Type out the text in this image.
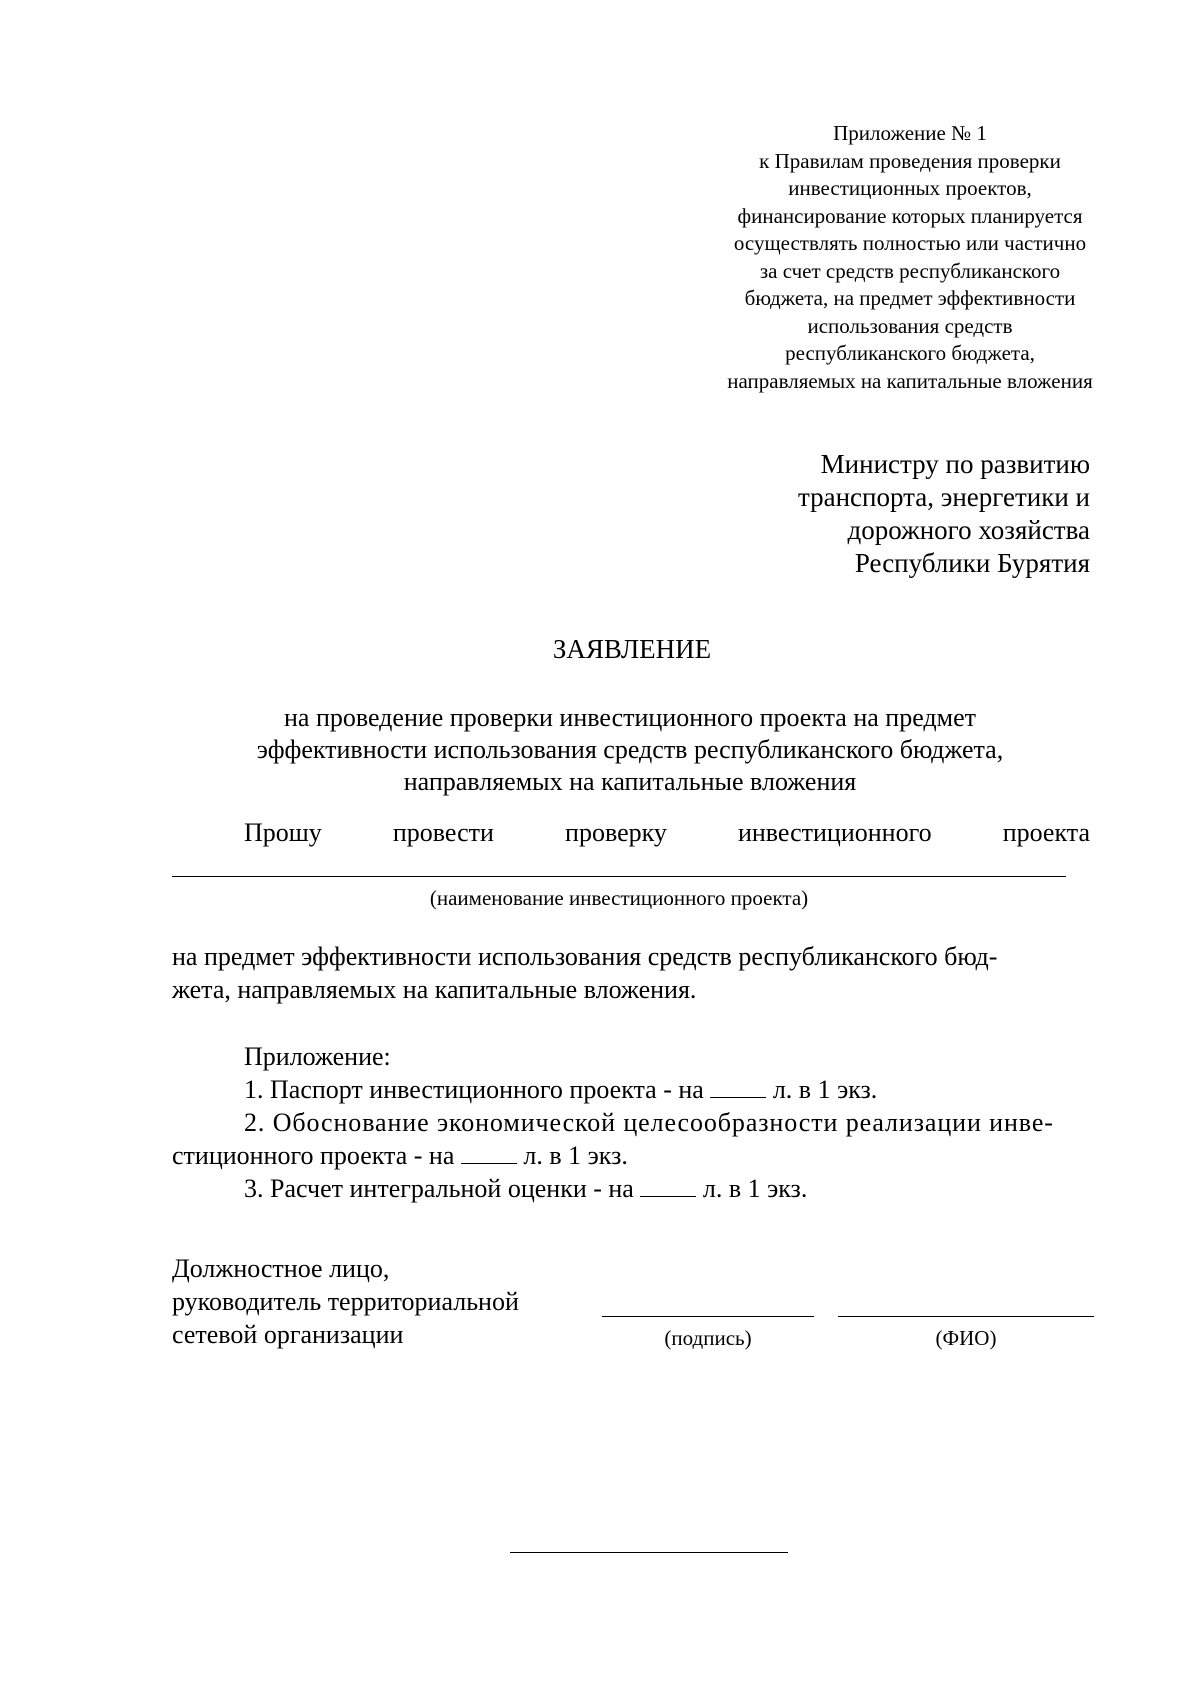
Приложение № 1
к Правилам проведения проверки
инвестиционных проектов,
финансирование которых планируется
осуществлять полностью или частично
за счет средств республиканского
бюджета, на предмет эффективности
использования средств
республиканского бюджета,
направляемых на капитальные вложения
Министру по развитию
транспорта, энергетики и
дорожного хозяйства
Республики Бурятия
ЗАЯВЛЕНИЕ
на проведение проверки инвестиционного проекта на предмет
эффективности использования средств республиканского бюджета,
направляемых на капитальные вложения
Прошу	провести	проверку	инвестиционного	проекта
(наименование инвестиционного проекта)
на предмет эффективности использования средств республиканского бюд-
жета, направляемых на капитальные вложения.
Приложение:
1. Паспорт инвестиционного проекта - на	л. в 1 экз.
2. Обоснование экономической целесообразности реализации инве-
стиционного проекта - на	л. в 1 экз.
3. Расчет интегральной оценки - на	л. в 1 экз.
Должностное лицо,
руководитель территориальной
сетевой организации	(подпись)	(ФИО)
